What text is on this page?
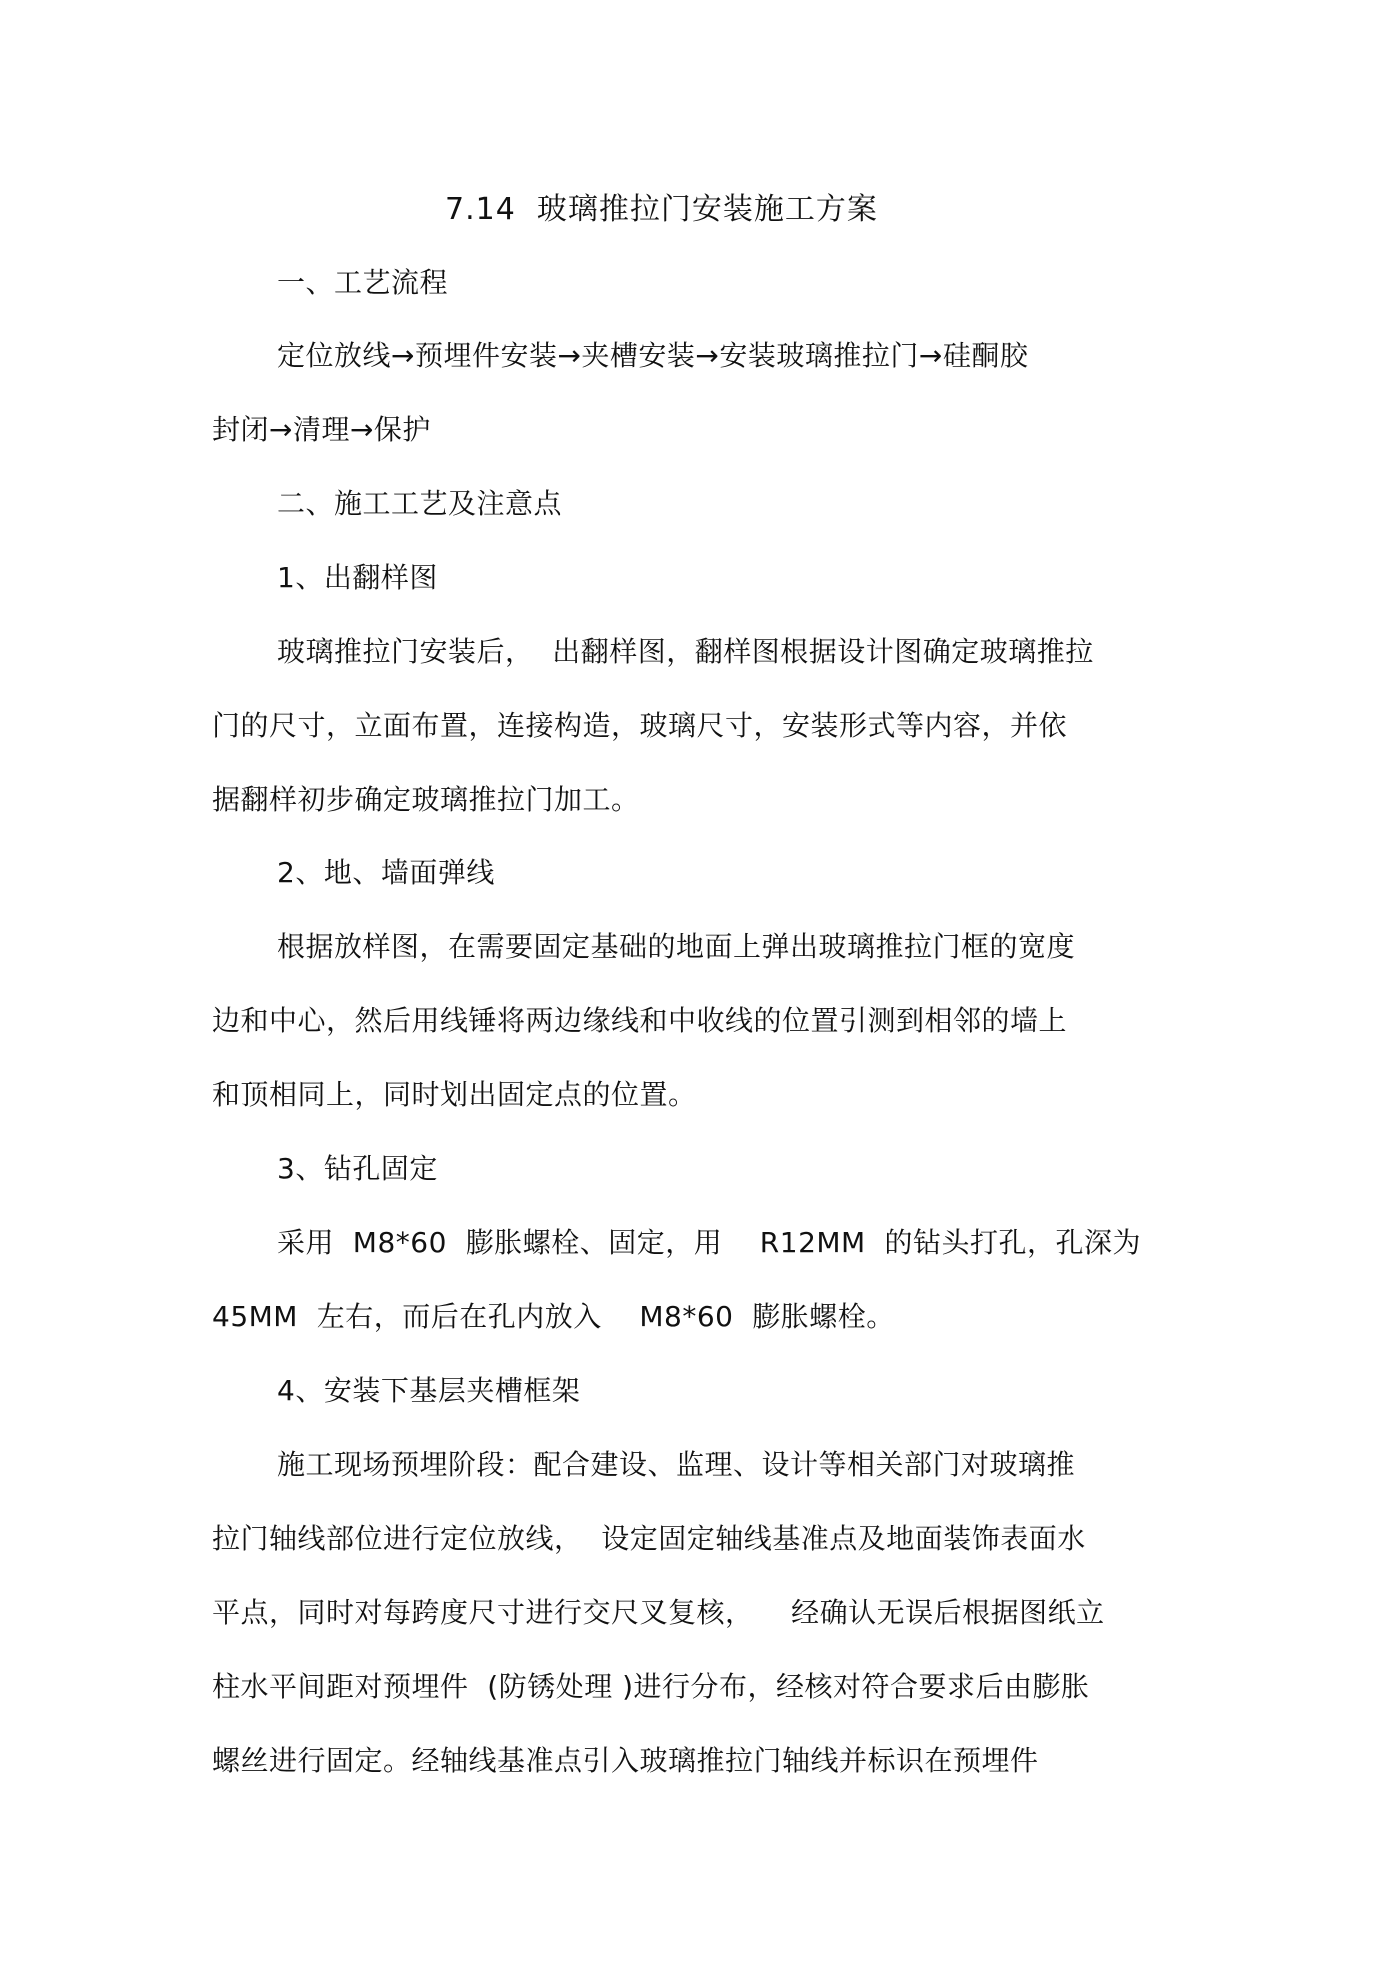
7.14  玻璃推拉门安装施工方案
一、工艺流程
定位放线→预埋件安装→夹槽安装→安装玻璃推拉门→硅酮胶
封闭→清理→保护
二、施工工艺及注意点
1、出翻样图
玻璃推拉门安装后，  出翻样图，翻样图根据设计图确定玻璃推拉
门的尺寸，立面布置，连接构造，玻璃尺寸，安装形式等内容，并依
据翻样初步确定玻璃推拉门加工。
2、地、墙面弹线
根据放样图，在需要固定基础的地面上弹出玻璃推拉门框的宽度
边和中心，然后用线锤将两边缘线和中收线的位置引测到相邻的墙上
和顶相同上，同时划出固定点的位置。
3、钻孔固定
采用  M8*60  膨胀螺栓、固定，用    R12MM  的钻头打孔，孔深为
45MM  左右，而后在孔内放入    M8*60  膨胀螺栓。
4、安装下基层夹槽框架
施工现场预埋阶段：配合建设、监理、设计等相关部门对玻璃推
拉门轴线部位进行定位放线，  设定固定轴线基准点及地面装饰表面水
平点，同时对每跨度尺寸进行交尺叉复核，    经确认无误后根据图纸立
柱水平间距对预埋件  (防锈处理 )进行分布，经核对符合要求后由膨胀
螺丝进行固定。经轴线基准点引入玻璃推拉门轴线并标识在预埋件
